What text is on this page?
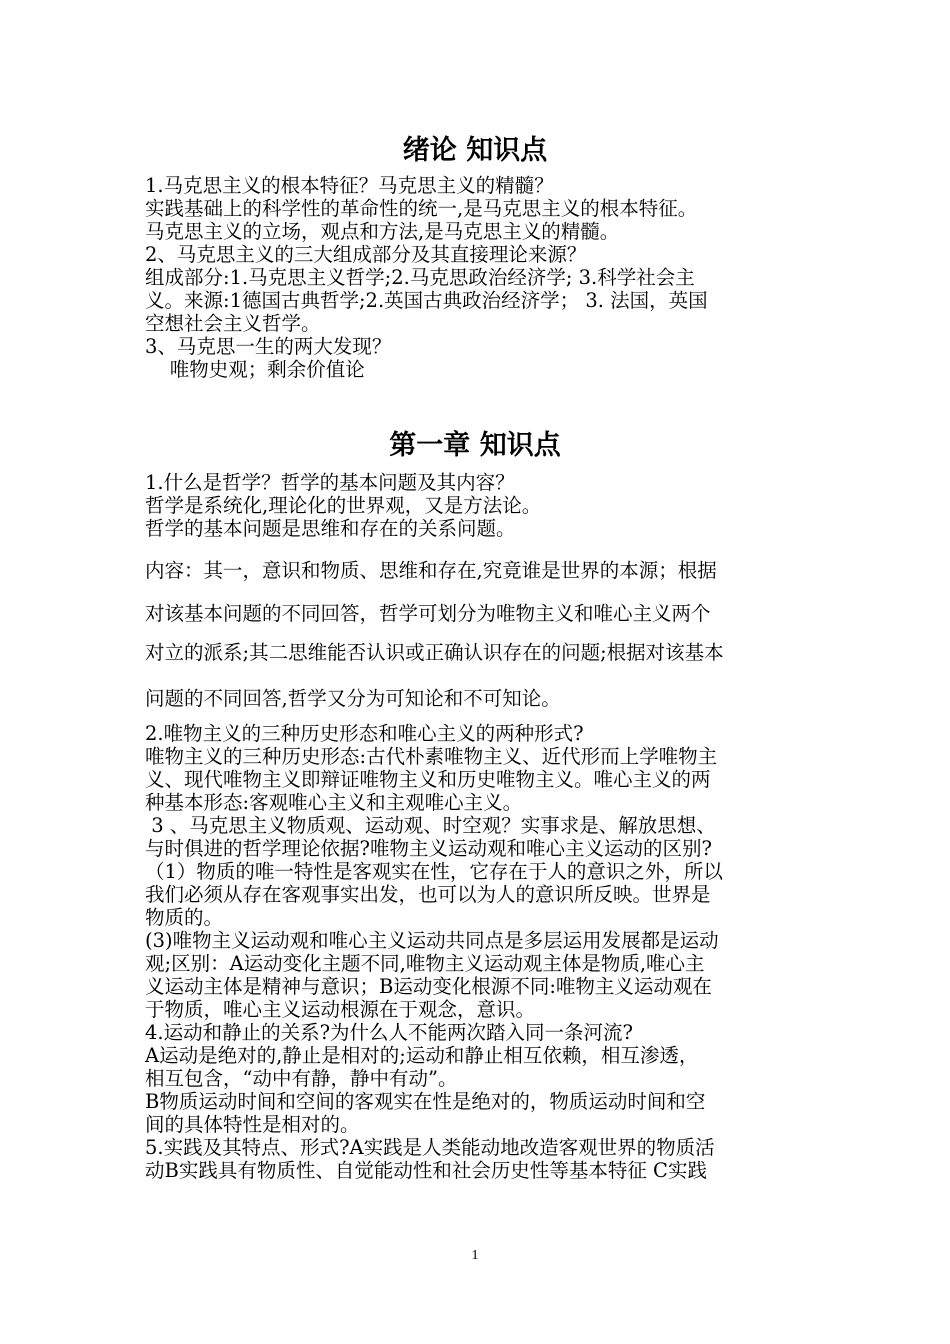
绪论 知识点
1.马克思主义的根本特征？马克思主义的精髓？
实践基础上的科学性的革命性的统一,是马克思主义的根本特征。
马克思主义的立场，观点和方法,是马克思主义的精髓。
2、马克思主义的三大组成部分及其直接理论来源？
组成部分:1.马克思主义哲学;2.马克思政治经济学; 3.科学社会主
义。来源:1德国古典哲学;2.英国古典政治经济学； 3. 法国，英国
空想社会主义哲学。
3、马克思一生的两大发现？
唯物史观；剩余价值论
第一章 知识点
1.什么是哲学？哲学的基本问题及其内容？
哲学是系统化,理论化的世界观，又是方法论。
哲学的基本问题是思维和存在的关系问题。
内容：其一，意识和物质、思维和存在,究竟谁是世界的本源；根据
对该基本问题的不同回答，哲学可划分为唯物主义和唯心主义两个
对立的派系;其二思维能否认识或正确认识存在的问题;根据对该基本
问题的不同回答,哲学又分为可知论和不可知论。
2.唯物主义的三种历史形态和唯心主义的两种形式?
唯物主义的三种历史形态:古代朴素唯物主义、近代形而上学唯物主
义、现代唯物主义即辩证唯物主义和历史唯物主义。唯心主义的两
种基本形态:客观唯心主义和主观唯心主义。
3 、马克思主义物质观、运动观、时空观？实事求是、解放思想、
与时俱进的哲学理论依据?唯物主义运动观和唯心主义运动的区别?
（1）物质的唯一特性是客观实在性，它存在于人的意识之外，所以
我们必须从存在客观事实出发，也可以为人的意识所反映。世界是
物质的。
(3)唯物主义运动观和唯心主义运动共同点是多层运用发展都是运动
观;区别：A运动变化主题不同,唯物主义运动观主体是物质,唯心主
义运动主体是精神与意识；B运动变化根源不同:唯物主义运动观在
于物质，唯心主义运动根源在于观念，意识。
4.运动和静止的关系?为什么人不能两次踏入同一条河流?
A运动是绝对的,静止是相对的;运动和静止相互依赖，相互渗透，
相互包含，“动中有静，静中有动”。
B物质运动时间和空间的客观实在性是绝对的，物质运动时间和空
间的具体特性是相对的。
5.实践及其特点、形式?A实践是人类能动地改造客观世界的物质活
动B实践具有物质性、自觉能动性和社会历史性等基本特征 C实践
1
